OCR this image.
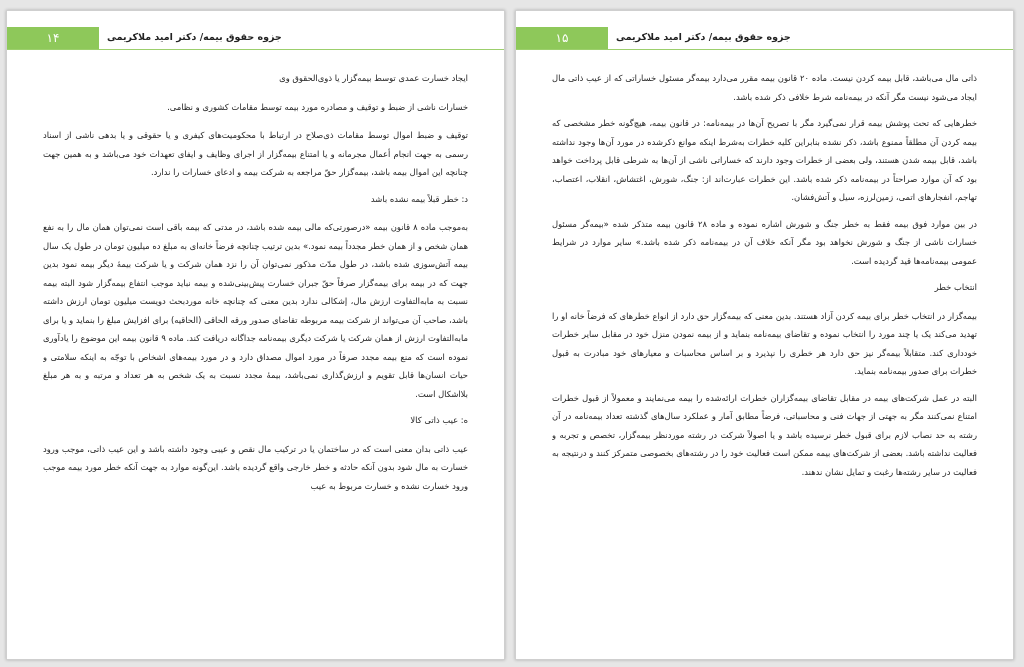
۱۴	جزوه حقوق بیمه/ دکتر امید ملاکریمی

ایجاد خسارت عمدی توسط بیمه‌گزار یا ذوی‌الحقوق وی

خسارات ناشی از ضبط و توقیف و مصادره مورد بیمه توسط مقامات کشوری و نظامی.

توقیف و ضبط اموال توسط مقامات ذی‌صلاح در ارتباط با محکومیت‌های کیفری و یا حقوقی و یا بدهی ناشی از اسناد رسمی به جهت انجام أعمال مجرمانه و یا امتناع بیمه‌گزار از اجرای وظایف و ایفای تعهدات خود می‌باشد و به همین جهت چنانچه این اموال بیمه باشد، بیمه‌گزار حقّ مراجعه به شرکت بیمه و ادعای خسارات را ندارد.

د: خطر قبلاً بیمه نشده باشد

به‌موجب ماده ۸ قانون بیمه «درصورتی‌که مالی بیمه شده باشد، در مدتی که بیمه باقی است نمی‌توان همان مال را به نفع همان شخص و از همان خطر مجدداً بیمه نمود.» بدین ترتیب چنانچه فرضاً خانه‌ای به مبلغ ده میلیون تومان در طول یک سال بیمه آتش‌سوزی شده باشد، در طول مدّت مذکور نمی‌توان آن را نزد همان شرکت و یا شرکت بیمهٔ دیگر بیمه نمود بدین جهت که در بیمه برای بیمه‌گزار صرفاً حقّ جبران خسارت پیش‌بینی‌شده و بیمه نباید موجب انتفاع بیمه‌گزار شود البته بیمه نسبت به مابه‌التفاوت ارزش مال، إشکالی ندارد بدین معنی که چنانچه خانه موردبحث دویست میلیون تومان ارزش داشته باشد، صاحب آن می‌تواند از شرکت بیمه مربوطه تقاضای صدور ورقه الحاقی (الحاقیه) برای افزایش مبلغ را بنماید و یا برای مابه‌التفاوت ارزش از همان شرکت یا شرکت دیگری بیمه‌نامه جداگانه دریافت کند. ماده ۹ قانون بیمه این موضوع را یادآوری نموده است که منع بیمه مجدد صرفاً در مورد اموال مصداق دارد و در مورد بیمه‌های اشخاص با توجّه به اینکه سلامتی و حیات انسان‌ها قابل تقویم و ارزش‌گذاری نمی‌باشد، بیمهٔ مجدد نسبت به یک شخص به هر تعداد و مرتبه و به هر مبلغ بلااشکال است.

ه: عیب ذاتی کالا

عیب ذاتی بدان معنی است که در ساختمان یا در ترکیب مال نقص و عیبی وجود داشته باشد و این عیب ذاتی، موجب ورود خسارت به مال شود بدون آنکه حادثه و خطر خارجی واقع گردیده باشد. این‌گونه موارد به جهت آنکه خطر مورد بیمه موجب ورود خسارت نشده و خسارت مربوط به عیب

۱۵	جزوه حقوق بیمه/ دکتر امید ملاکریمی

ذاتی مال می‌باشد، قابل بیمه کردن نیست. ماده ۲۰ قانون بیمه مقرر می‌دارد بیمه‌گر مسئول خساراتی که از عیب ذاتی مال ایجاد می‌شود نیست مگر آنکه در بیمه‌نامه شرط خلافی ذکر شده باشد.

خطرهایی که تحت پوشش بیمه قرار نمی‌گیرد مگر با تصریح آن‌ها در بیمه‌نامه: در قانون بیمه، هیچ‌گونه خطر مشخصی که بیمه کردن آن مطلقاً ممنوع باشد، ذکر نشده بنابراین کلیه خطرات به‌شرط اینکه موانع ذکرشده در مورد آن‌ها وجود نداشته باشد، قابل بیمه شدن هستند، ولی بعضی از خطرات وجود دارند که خساراتی ناشی از آن‌ها به شرطی قابل پرداخت خواهد بود که آن موارد صراحتاً در بیمه‌نامه ذکر شده باشد. این خطرات عبارت‌اند از: جنگ، شورش، اغتشاش، انقلاب، اعتصاب، تهاجم، انفجارهای اتمی، زمین‌لرزه، سیل و آتش‌فشان.

در بین موارد فوق بیمه فقط به خطر جنگ و شورش اشاره نموده و ماده ۲۸ قانون بیمه متذکر شده «بیمه‌گر مسئول خسارات ناشی از جنگ و شورش نخواهد بود مگر آنکه خلاف آن در بیمه‌نامه ذکر شده باشد.» سایر موارد در شرایط عمومی بیمه‌نامه‌ها قید گردیده است.

انتخاب خطر

بیمه‌گزار در انتخاب خطر برای بیمه کردن آزاد هستند. بدین معنی که بیمه‌گزار حق دارد از انواع خطرهای که فرضاً خانه او را تهدید می‌کند یک یا چند مورد را انتخاب نموده و تقاضای بیمه‌نامه بنماید و از بیمه نمودن منزل خود در مقابل سایر خطرات خودداری کند. متقابلاً بیمه‌گر نیز حق دارد هر خطری را نپذیرد و بر اساس محاسبات و معیارهای خود مبادرت به قبول خطرات برای صدور بیمه‌نامه بنماید.

البته در عمل شرکت‌های بیمه در مقابل تقاضای بیمه‌گزاران خطرات ارائه‌شده را بیمه می‌نمایند و معمولاً از قبول خطرات امتناع نمی‌کنند مگر به جهتی از جهات فنی و محاسباتی، فرضاً مطابق آمار و عملکرد سال‌های گذشته تعداد بیمه‌نامه در آن رشته به حد نصاب لازم برای قبول خطر نرسیده باشد و یا اصولاً شرکت در رشته موردنظر بیمه‌گزار، تخصص و تجربه و فعالیت نداشته باشد. بعضی از شرکت‌های بیمه ممکن است فعالیت خود را در رشته‌های بخصوصی متمرکز کنند و درنتیجه به فعالیت در سایر رشته‌ها رغبت و تمایل نشان ندهند.
